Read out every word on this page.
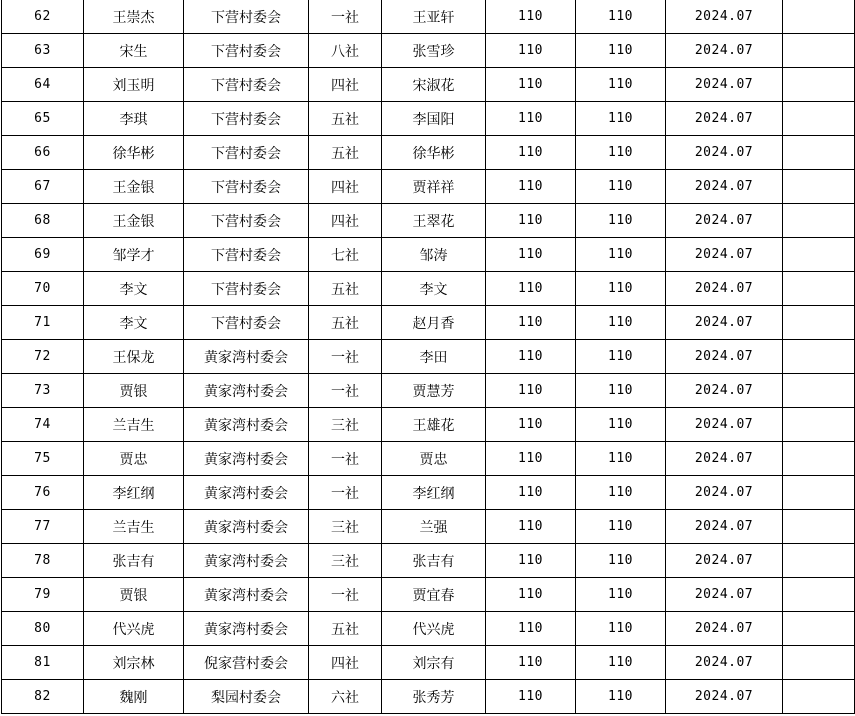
62	王崇杰	下营村委会	一社	王亚轩	110	110	2024.07	
63	宋生	下营村委会	八社	张雪珍	110	110	2024.07	
64	刘玉明	下营村委会	四社	宋淑花	110	110	2024.07	
65	李琪	下营村委会	五社	李国阳	110	110	2024.07	
66	徐华彬	下营村委会	五社	徐华彬	110	110	2024.07	
67	王金银	下营村委会	四社	贾祥祥	110	110	2024.07	
68	王金银	下营村委会	四社	王翠花	110	110	2024.07	
69	邹学才	下营村委会	七社	邹涛	110	110	2024.07	
70	李文	下营村委会	五社	李文	110	110	2024.07	
71	李文	下营村委会	五社	赵月香	110	110	2024.07	
72	王保龙	黄家湾村委会	一社	李田	110	110	2024.07	
73	贾银	黄家湾村委会	一社	贾慧芳	110	110	2024.07	
74	兰吉生	黄家湾村委会	三社	王雄花	110	110	2024.07	
75	贾忠	黄家湾村委会	一社	贾忠	110	110	2024.07	
76	李红纲	黄家湾村委会	一社	李红纲	110	110	2024.07	
77	兰吉生	黄家湾村委会	三社	兰强	110	110	2024.07	
78	张吉有	黄家湾村委会	三社	张吉有	110	110	2024.07	
79	贾银	黄家湾村委会	一社	贾宜春	110	110	2024.07	
80	代兴虎	黄家湾村委会	五社	代兴虎	110	110	2024.07	
81	刘宗林	倪家营村委会	四社	刘宗有	110	110	2024.07	
82	魏刚	梨园村委会	六社	张秀芳	110	110	2024.07	
